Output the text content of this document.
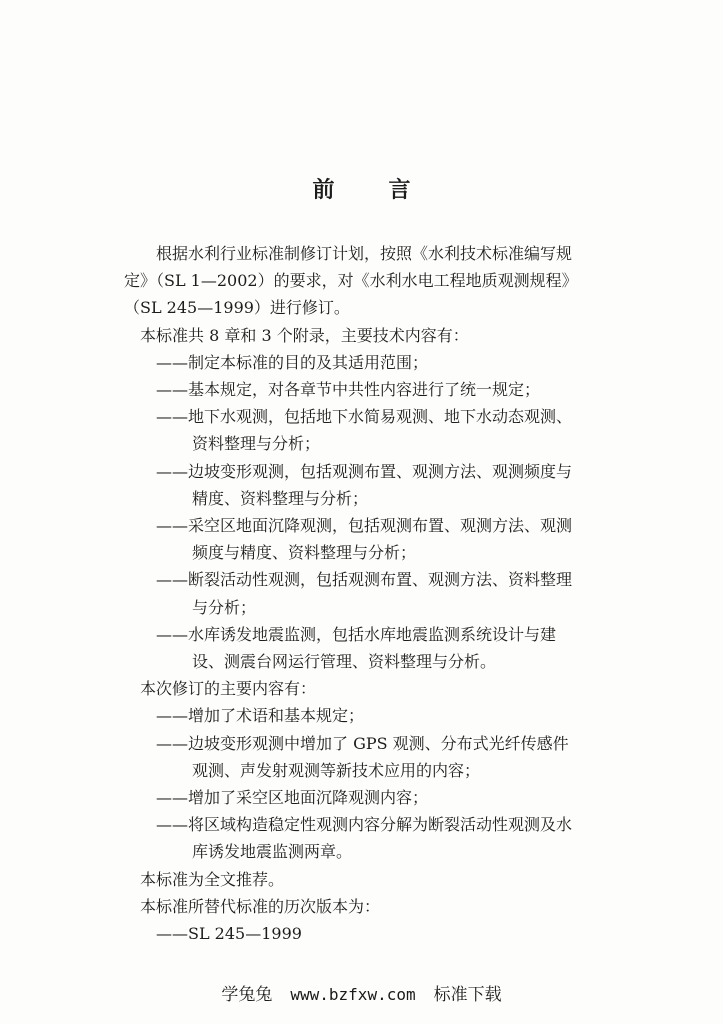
前 言
根据水利行业标准制修订计划，按照《水利技术标准编写规
定》（SL 1—2002）的要求，对《水利水电工程地质观测规程》
（SL 245—1999）进行修订。
本标准共 8 章和 3 个附录，主要技术内容有：
——制定本标准的目的及其适用范围；
——基本规定，对各章节中共性内容进行了统一规定；
——地下水观测，包括地下水简易观测、地下水动态观测、
资料整理与分析；
——边坡变形观测，包括观测布置、观测方法、观测频度与
精度、资料整理与分析；
——采空区地面沉降观测，包括观测布置、观测方法、观测
频度与精度、资料整理与分析；
——断裂活动性观测，包括观测布置、观测方法、资料整理
与分析；
——水库诱发地震监测，包括水库地震监测系统设计与建
设、测震台网运行管理、资料整理与分析。
本次修订的主要内容有：
——增加了术语和基本规定；
——边坡变形观测中增加了 GPS 观测、分布式光纤传感件
观测、声发射观测等新技术应用的内容；
——增加了采空区地面沉降观测内容；
——将区域构造稳定性观测内容分解为断裂活动性观测及水
库诱发地震监测两章。
本标准为全文推荐。
本标准所替代标准的历次版本为：
——SL 245—1999
学兔兔 www.bzfxw.com 标准下载
